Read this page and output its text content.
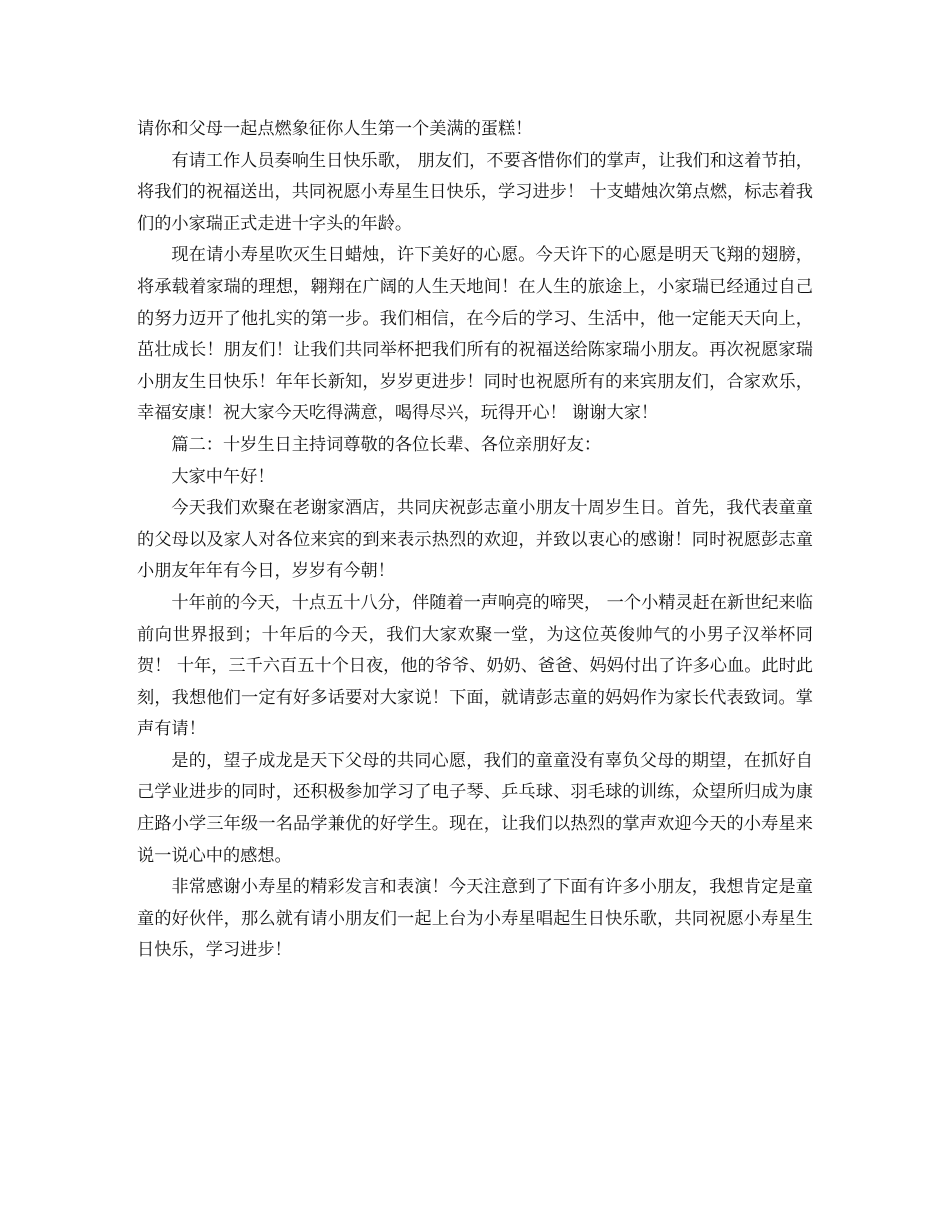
请你和父母一起点燃象征你人生第一个美满的蛋糕！

有请工作人员奏响生日快乐歌， 朋友们，不要吝惜你们的掌声，让我们和这着节拍，将我们的祝福送出，共同祝愿小寿星生日快乐，学习进步！ 十支蜡烛次第点燃，标志着我们的小家瑞正式走进十字头的年龄。

现在请小寿星吹灭生日蜡烛，许下美好的心愿。今天许下的心愿是明天飞翔的翅膀，将承载着家瑞的理想，翱翔在广阔的人生天地间！在人生的旅途上，小家瑞已经通过自己的努力迈开了他扎实的第一步。我们相信，在今后的学习、生活中，他一定能天天向上，茁壮成长！朋友们！让我们共同举杯把我们所有的祝福送给陈家瑞小朋友。再次祝愿家瑞小朋友生日快乐！年年长新知，岁岁更进步！同时也祝愿所有的来宾朋友们，合家欢乐，幸福安康！祝大家今天吃得满意，喝得尽兴，玩得开心！ 谢谢大家！

篇二：十岁生日主持词尊敬的各位长辈、各位亲朋好友：

大家中午好！

今天我们欢聚在老谢家酒店，共同庆祝彭志童小朋友十周岁生日。首先，我代表童童的父母以及家人对各位来宾的到来表示热烈的欢迎，并致以衷心的感谢！同时祝愿彭志童小朋友年年有今日，岁岁有今朝！

十年前的今天，十点五十八分，伴随着一声响亮的啼哭， 一个小精灵赶在新世纪来临前向世界报到；十年后的今天，我们大家欢聚一堂，为这位英俊帅气的小男子汉举杯同贺！ 十年，三千六百五十个日夜，他的爷爷、奶奶、爸爸、妈妈付出了许多心血。此时此刻，我想他们一定有好多话要对大家说！下面，就请彭志童的妈妈作为家长代表致词。掌声有请！

是的，望子成龙是天下父母的共同心愿，我们的童童没有辜负父母的期望，在抓好自己学业进步的同时，还积极参加学习了电子琴、乒乓球、羽毛球的训练，众望所归成为康庄路小学三年级一名品学兼优的好学生。现在，让我们以热烈的掌声欢迎今天的小寿星来说一说心中的感想。

非常感谢小寿星的精彩发言和表演！今天注意到了下面有许多小朋友，我想肯定是童童的好伙伴，那么就有请小朋友们一起上台为小寿星唱起生日快乐歌，共同祝愿小寿星生日快乐，学习进步！
